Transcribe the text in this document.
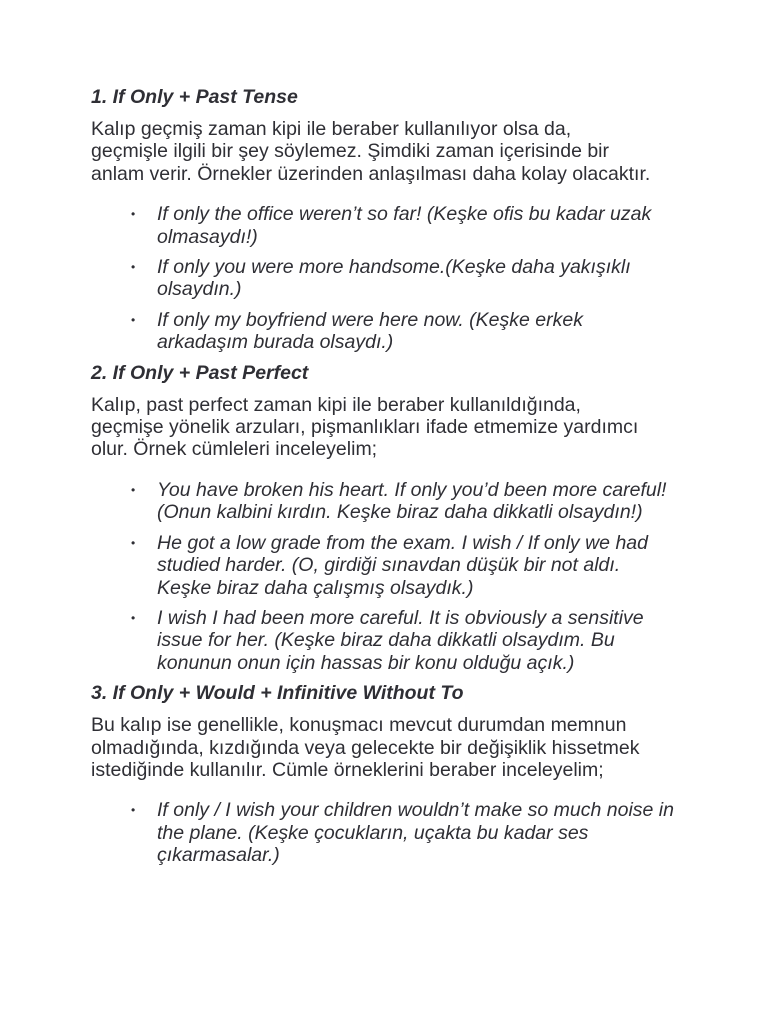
1. If Only + Past Tense

Kalıp geçmiş zaman kipi ile beraber kullanılıyor olsa da, geçmişle ilgili bir şey söylemez. Şimdiki zaman içerisinde bir anlam verir. Örnekler üzerinden anlaşılması daha kolay olacaktır.

• If only the office weren’t so far! (Keşke ofis bu kadar uzak olmasaydı!)
• If only you were more handsome.(Keşke daha yakışıklı olsaydın.)
• If only my boyfriend were here now. (Keşke erkek arkadaşım burada olsaydı.)
2. If Only + Past Perfect

Kalıp, past perfect zaman kipi ile beraber kullanıldığında, geçmişe yönelik arzuları, pişmanlıkları ifade etmemize yardımcı olur. Örnek cümleleri inceleyelim;

• You have broken his heart. If only you’d been more careful! (Onun kalbini kırdın. Keşke biraz daha dikkatli olsaydın!)
• He got a low grade from the exam. I wish / If only we had studied harder. (O, girdiği sınavdan düşük bir not aldı. Keşke biraz daha çalışmış olsaydık.)
• I wish I had been more careful. It is obviously a sensitive issue for her. (Keşke biraz daha dikkatli olsaydım. Bu konunun onun için hassas bir konu olduğu açık.)
3. If Only + Would + Infinitive Without To

Bu kalıp ise genellikle, konuşmacı mevcut durumdan memnun olmadığında, kızdığında veya gelecekte bir değişiklik hissetmek istediğinde kullanılır. Cümle örneklerini beraber inceleyelim;

• If only / I wish your children wouldn’t make so much noise in the plane. (Keşke çocukların, uçakta bu kadar ses çıkarmasalar.)
